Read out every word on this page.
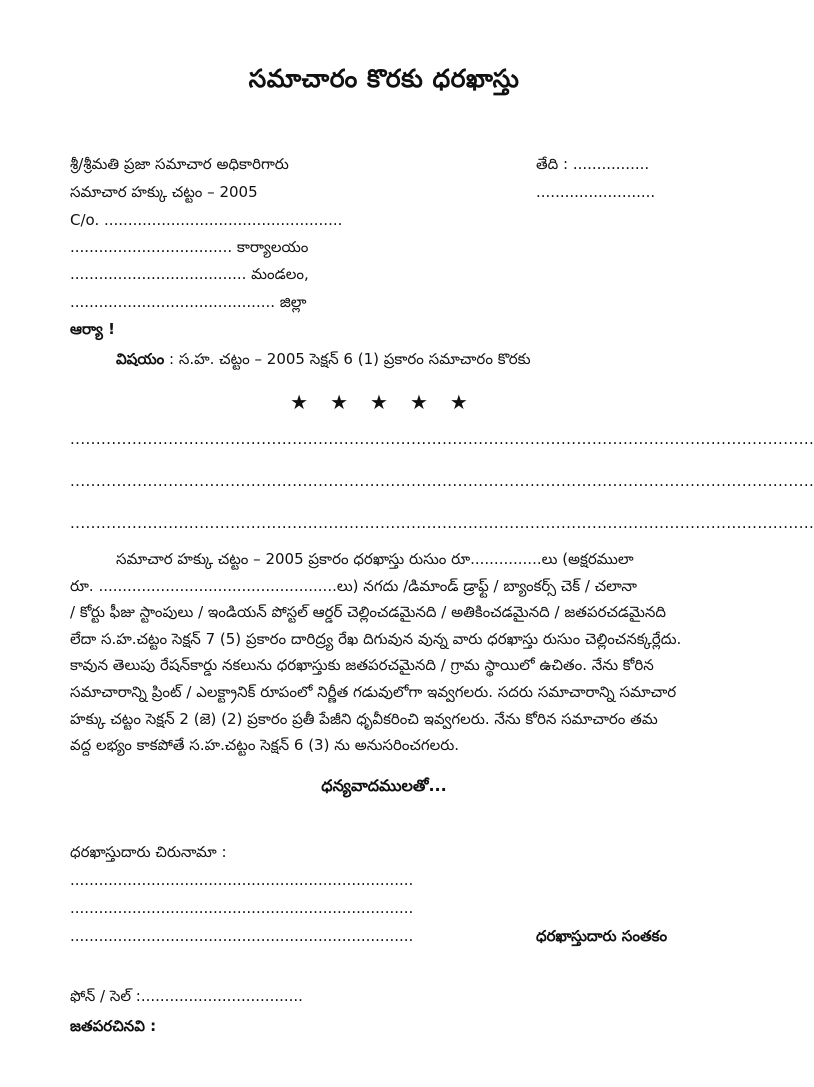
సమాచారం కొరకు ధరఖాస్తు
శ్రీ/శ్రీమతి ప్రజా సమాచార అధికారిగారు	తేది : ................
సమాచార హక్కు చట్టం – 2005	.........................
C/o. ..................................................
.................................. కార్యాలయం
..................................... మండలం,
........................................... జిల్లా
ఆర్యా !
విషయం : స.హ. చట్టం – 2005 సెక్షన్ 6 (1) ప్రకారం సమాచారం కొరకు
★★★★★
................................................................................................................................................
................................................................................................................................................
................................................................................................................................................
సమాచార హక్కు చట్టం – 2005 ప్రకారం ధరఖాస్తు రుసుం రూ...............లు (అక్షరములా
రూ. ..................................................లు) నగదు /డిమాండ్ డ్రాఫ్ట్ / బ్యాంకర్స్ చెక్ / చలానా
/ కోర్టు ఫీజు స్టాంపులు / ఇండియన్ పోస్టల్ ఆర్డర్ చెల్లించడమైనది / అతికించడమైనది / జతపరచడమైనది
లేదా స.హ.చట్టం సెక్షన్ 7 (5) ప్రకారం దారిద్ర్య రేఖ దిగువున వున్న వారు ధరఖాస్తు రుసుం చెల్లించనక్కర్లేదు.
కావున తెలుపు రేషన్‌కార్డు నకలును ధరఖాస్తుకు జతపరచమైనది / గ్రామ స్థాయిలో ఉచితం. నేను కోరిన
సమాచారాన్ని ప్రింట్ / ఎలక్ట్రానిక్ రూపంలో నిర్ణీత గడువులోగా ఇవ్వగలరు. సదరు సమాచారాన్ని సమాచార
హక్కు చట్టం సెక్షన్ 2 (జె) (2) ప్రకారం ప్రతీ పేజీని ధృవీకరించి ఇవ్వగలరు. నేను కోరిన సమాచారం తమ
వద్ద లభ్యం కాకపోతే స.హ.చట్టం సెక్షన్ 6 (3) ను అనుసరించగలరు.
ధన్యవాదములతో...
ధరఖాస్తుదారు చిరునామా :
........................................................................
........................................................................
........................................................................	ధరఖాస్తుదారు సంతకం
ఫోన్ / సెల్ :..................................
జతపరచినవి :
